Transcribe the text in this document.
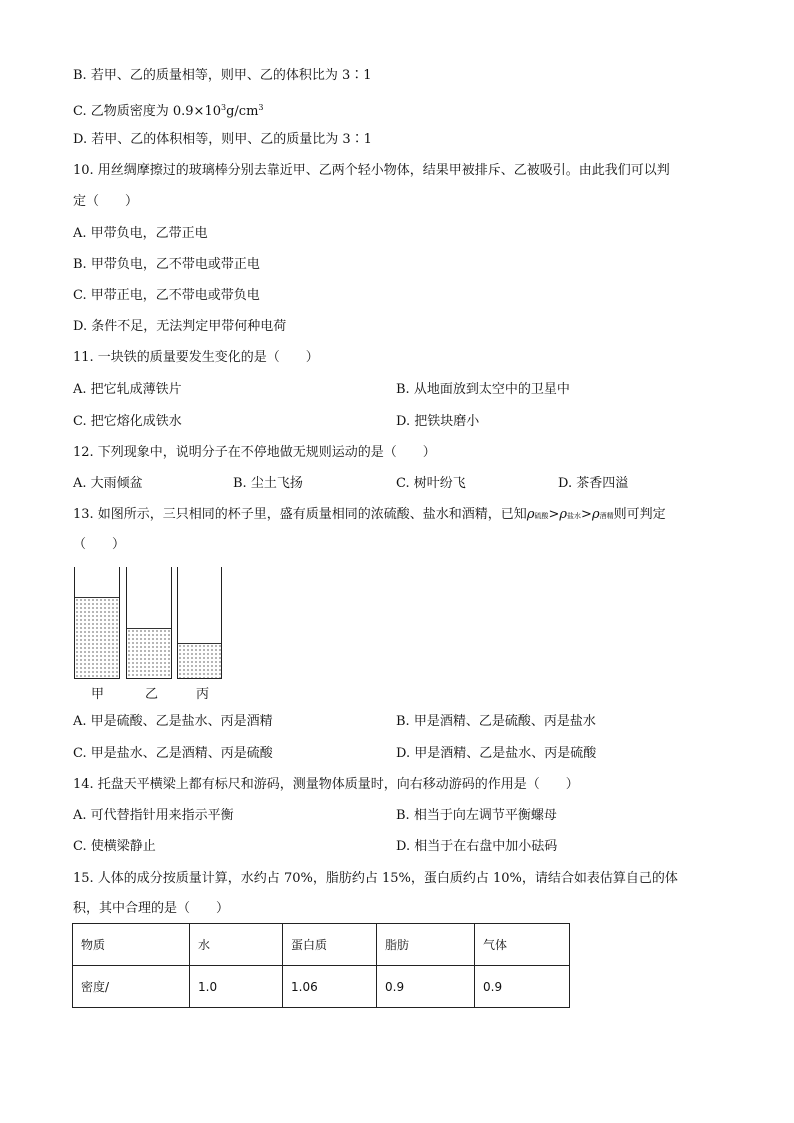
B. 若甲、乙的质量相等，则甲、乙的体积比为 3∶1
C. 乙物质密度为 $0.9\times 10^3g/cm^3$
D. 若甲、乙的体积相等，则甲、乙的质量比为 3∶1
10. 用丝绸摩擦过的玻璃棒分别去靠近甲、乙两个轻小物体，结果甲被排斥、乙被吸引。由此我们可以判
定（　　）
A. 甲带负电，乙带正电
B. 甲带负电，乙不带电或带正电
C. 甲带正电，乙不带电或带负电
D. 条件不足，无法判定甲带何种电荷
11. 一块铁的质量要发生变化的是（　　）
A. 把它轧成薄铁片	B. 从地面放到太空中的卫星中
C. 把它熔化成铁水	D. 把铁块磨小
12. 下列现象中，说明分子在不停地做无规则运动的是（　　）
A. 大雨倾盆	B. 尘土飞扬	C. 树叶纷飞	D. 茶香四溢
13. 如图所示，三只相同的杯子里，盛有质量相同的浓硫酸、盐水和酒精，已知ρ硫酸>ρ盐水>ρ酒精则可判定
（　　）
甲	乙	丙
A. 甲是硫酸、乙是盐水、丙是酒精	B. 甲是酒精、乙是硫酸、丙是盐水
C. 甲是盐水、乙是酒精、丙是硫酸	D. 甲是酒精、乙是盐水、丙是硫酸
14. 托盘天平横梁上都有标尺和游码，测量物体质量时，向右移动游码的作用是（　　）
A. 可代替指针用来指示平衡	B. 相当于向左调节平衡螺母
C. 使横梁静止	D. 相当于在右盘中加小砝码
15. 人体的成分按质量计算，水约占 70%，脂肪约占 15%，蛋白质约占 10%，请结合如表估算自己的体
积，其中合理的是（　　）
物质	水	蛋白质	脂肪	气体
密度/	1.0	1.06	0.9	0.9
